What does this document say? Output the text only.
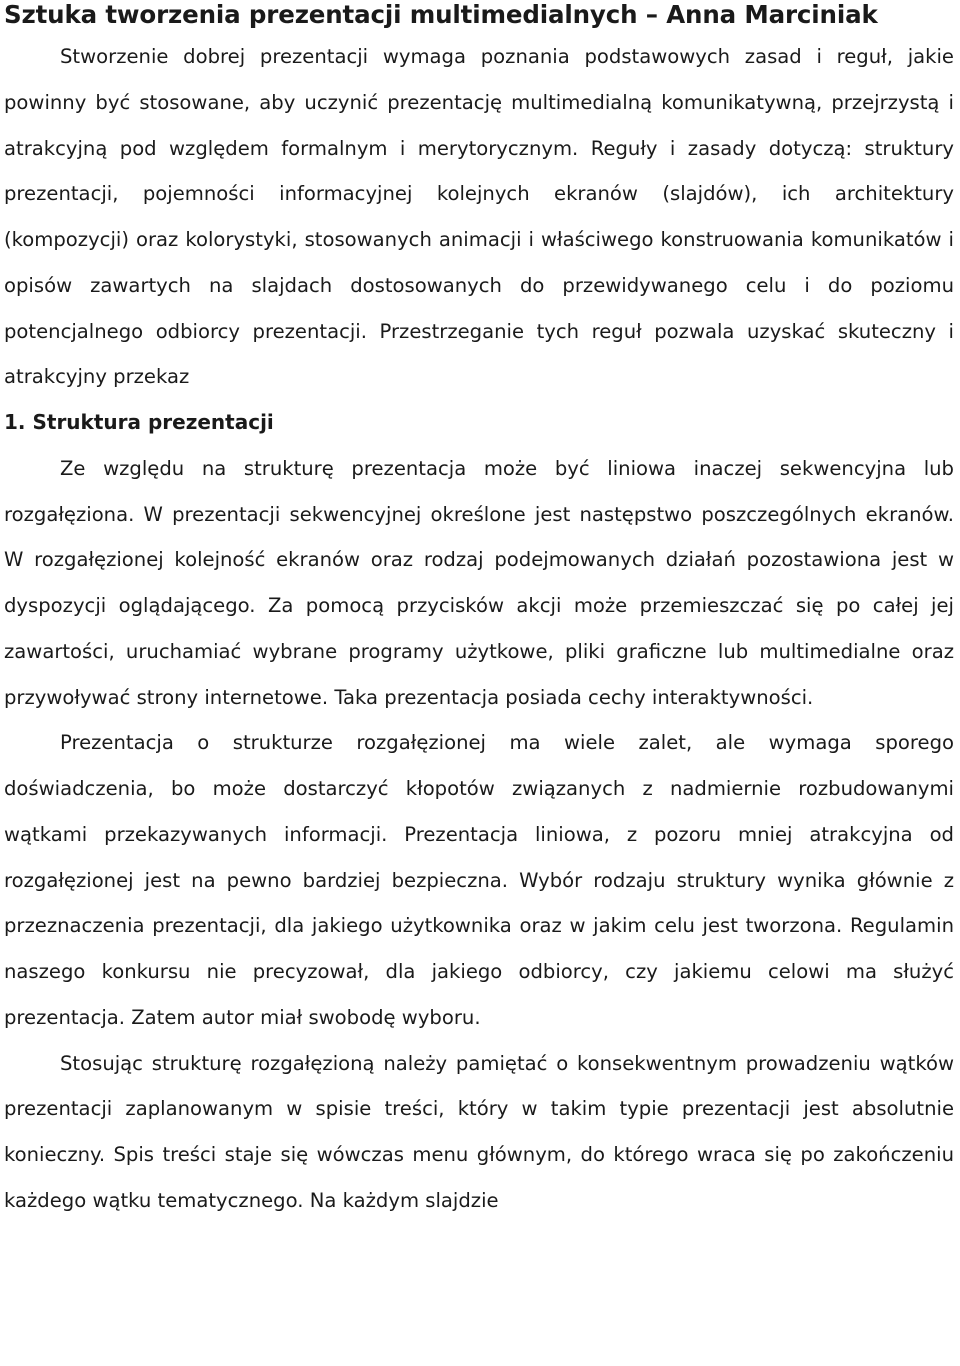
Sztuka tworzenia prezentacji multimedialnych – Anna Marciniak

Stworzenie dobrej prezentacji wymaga poznania podstawowych zasad i reguł, jakie powinny być stosowane, aby uczynić prezentację multimedialną komunikatywną, przejrzystą i atrakcyjną pod względem formalnym i merytorycznym. Reguły i zasady dotyczą: struktury prezentacji, pojemności informacyjnej kolejnych ekranów (slajdów), ich architektury (kompozycji) oraz kolorystyki, stosowanych animacji i właściwego konstruowania komunikatów i opisów zawartych na slajdach dostosowanych do przewidywanego celu i do poziomu potencjalnego odbiorcy prezentacji. Przestrzeganie tych reguł pozwala uzyskać skuteczny i atrakcyjny przekaz

1. Struktura prezentacji

Ze względu na strukturę prezentacja może być liniowa inaczej sekwencyjna lub rozgałęziona. W prezentacji sekwencyjnej określone jest następstwo poszczególnych ekranów. W rozgałęzionej kolejność ekranów oraz rodzaj podejmowanych działań pozostawiona jest w dyspozycji oglądającego. Za pomocą przycisków akcji może przemieszczać się po całej jej zawartości, uruchamiać wybrane programy użytkowe, pliki graficzne lub multimedialne oraz przywoływać strony internetowe. Taka prezentacja posiada cechy interaktywności.

Prezentacja o strukturze rozgałęzionej ma wiele zalet, ale wymaga sporego doświadczenia, bo może dostarczyć kłopotów związanych z nadmiernie rozbudowanymi wątkami przekazywanych informacji. Prezentacja liniowa, z pozoru mniej atrakcyjna od rozgałęzionej jest na pewno bardziej bezpieczna. Wybór rodzaju struktury wynika głównie z przeznaczenia prezentacji, dla jakiego użytkownika oraz w jakim celu jest tworzona. Regulamin naszego konkursu nie precyzował, dla jakiego odbiorcy, czy jakiemu celowi ma służyć prezentacja. Zatem autor miał swobodę wyboru.

Stosując strukturę rozgałęzioną należy pamiętać o konsekwentnym prowadzeniu wątków prezentacji zaplanowanym w spisie treści, który w takim typie prezentacji jest absolutnie konieczny. Spis treści staje się wówczas menu głównym, do którego wraca się po zakończeniu każdego wątku tematycznego. Na każdym slajdzie
